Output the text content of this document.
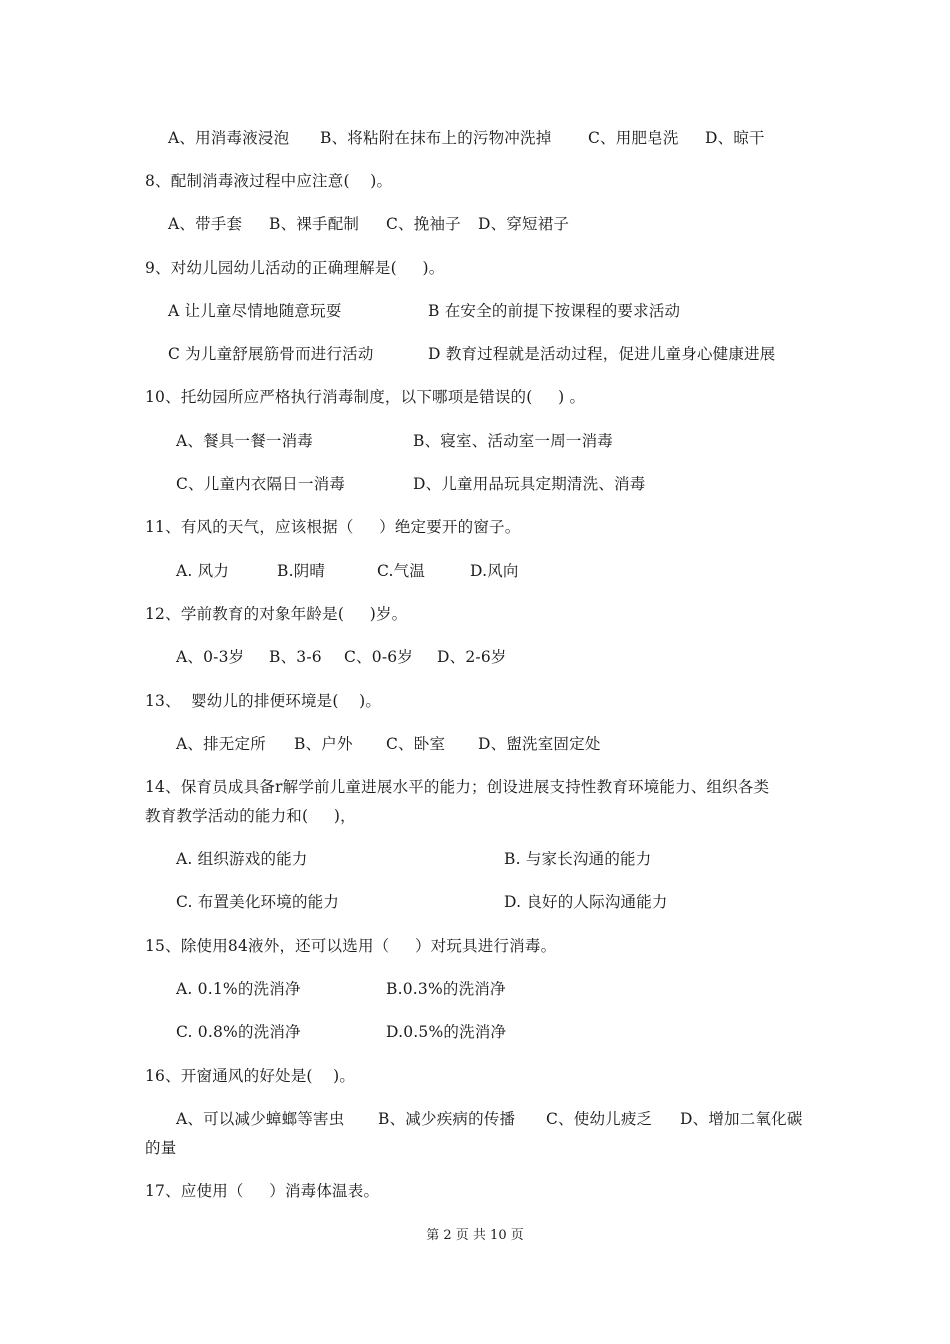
A、用消毒液浸泡 B、将粘附在抹布上的污物冲洗掉 C、用肥皂洗 D、晾干
8、配制消毒液过程中应注意(    )。
A、带手套 B、裸手配制 C、挽袖子 D、穿短裙子
9、对幼儿园幼儿活动的正确理解是(     )。
A 让儿童尽情地随意玩耍	B 在安全的前提下按课程的要求活动
C 为儿童舒展筋骨而进行活动	D 教育过程就是活动过程，促进儿童身心健康进展
10、托幼园所应严格执行消毒制度，以下哪项是错误的(     ) 。
A、餐具一餐一消毒	B、寝室、活动室一周一消毒
C、儿童内衣隔日一消毒	D、儿童用品玩具定期清洗、消毒
11、有风的天气，应该根据（     ）绝定要开的窗子。
A. 风力	B.阴晴	C.气温	D.风向
12、学前教育的对象年龄是(     )岁。
A、0-3岁 B、3-6 C、0-6岁 D、2-6岁
13、  婴幼儿的排便环境是(    )。
A、排无定所 B、户外 C、卧室 D、盥洗室固定处
14、保育员成具备r解学前儿童进展水平的能力；创设进展支持性教育环境能力、组织各类
教育教学活动的能力和(     )，
A. 组织游戏的能力	B. 与家长沟通的能力
C. 布置美化环境的能力	D. 良好的人际沟通能力
15、除使用84液外，还可以选用（     ）对玩具进行消毒。
A. 0.1%的洗消净	B.0.3%的洗消净
C. 0.8%的洗消净	D.0.5%的洗消净
16、开窗通风的好处是(    )。
A、可以减少蟑螂等害虫 B、减少疾病的传播 C、使幼儿疲乏 D、增加二氧化碳
的量
17、应使用（     ）消毒体温表。
第 2 页 共 10 页
